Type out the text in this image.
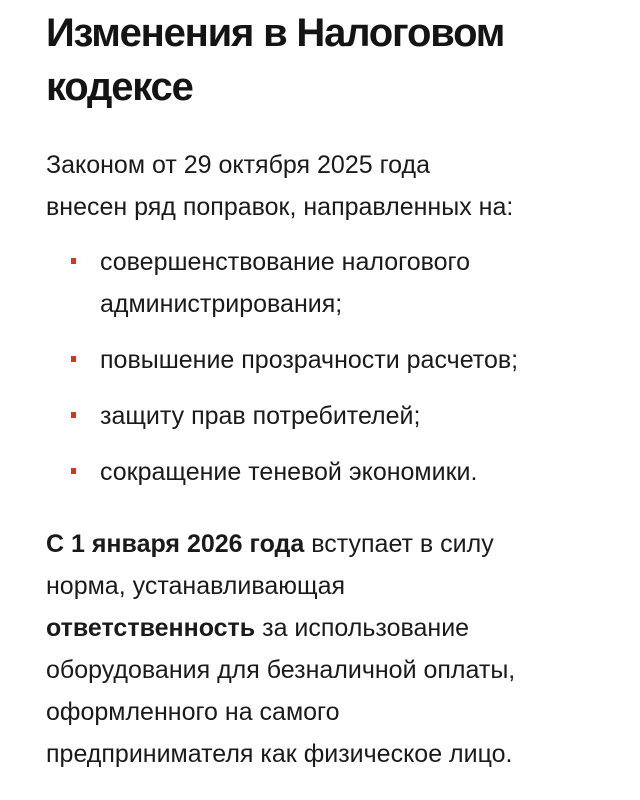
Изменения в Налоговом
кодексе

Законом от 29 октября 2025 года
внесен ряд поправок, направленных на:

совершенствование налогового
администрирования;
повышение прозрачности расчетов;
защиту прав потребителей;
сокращение теневой экономики.

С 1 января 2026 года вступает в силу
норма, устанавливающая
ответственность за использование
оборудования для безналичной оплаты,
оформленного на самого
предпринимателя как физическое лицо.
